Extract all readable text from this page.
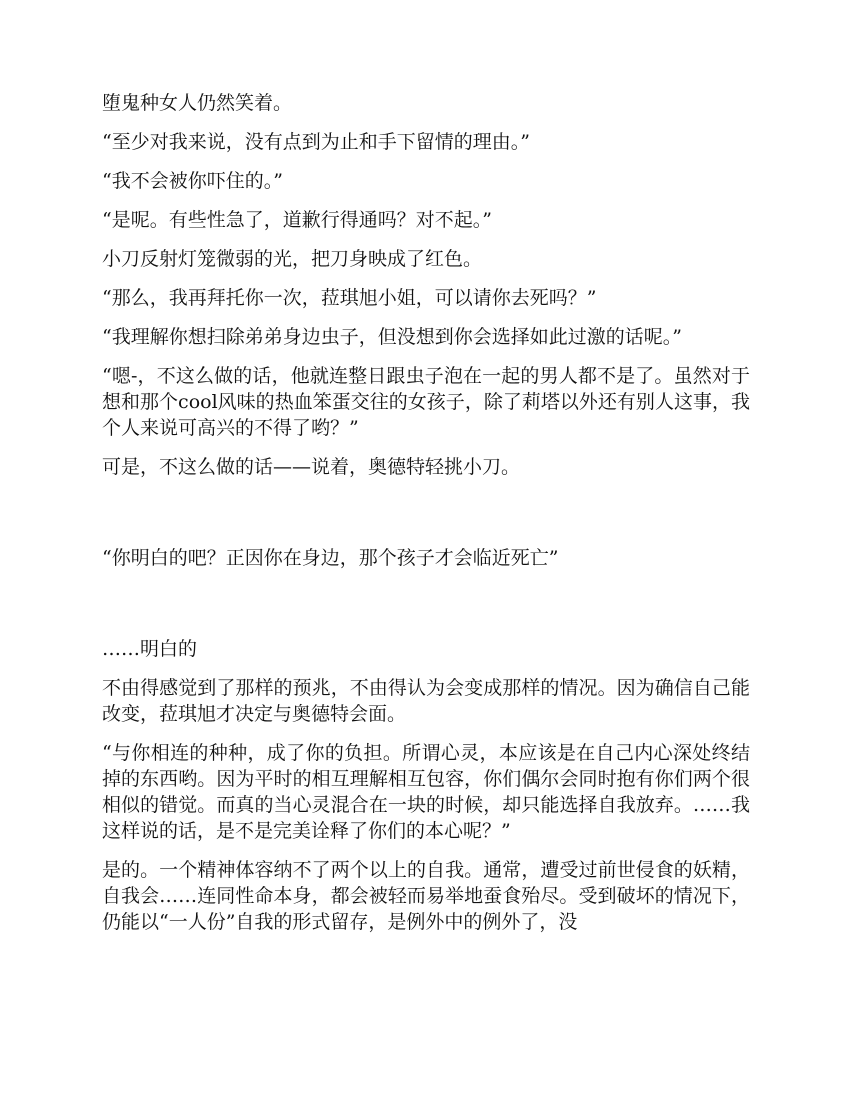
堕鬼种女人仍然笑着。

“至少对我来说，没有点到为止和手下留情的理由。”

“我不会被你吓住的。”

“是呢。有些性急了，道歉行得通吗？对不起。”

小刀反射灯笼微弱的光，把刀身映成了红色。

“那么，我再拜托你一次，菈琪旭小姐，可以请你去死吗？”

“我理解你想扫除弟弟身边虫子，但没想到你会选择如此过激的话呢。”

“嗯-，不这么做的话，他就连整日跟虫子泡在一起的男人都不是了。虽然对于想和那个cool风味的热血笨蛋交往的女孩子，除了莉塔以外还有别人这事，我个人来说可高兴的不得了哟？”

可是，不这么做的话——说着，奥德特轻挑小刀。

“你明白的吧？正因你在身边，那个孩子才会临近死亡”

……明白的

不由得感觉到了那样的预兆，不由得认为会变成那样的情况。因为确信自己能改变，菈琪旭才决定与奥德特会面。

“与你相连的种种，成了你的负担。所谓心灵，本应该是在自己内心深处终结掉的东西哟。因为平时的相互理解相互包容，你们偶尔会同时抱有你们两个很相似的错觉。而真的当心灵混合在一块的时候，却只能选择自我放弃。……我这样说的话，是不是完美诠释了你们的本心呢？”

是的。一个精神体容纳不了两个以上的自我。通常，遭受过前世侵食的妖精，自我会……连同性命本身，都会被轻而易举地蚕食殆尽。受到破坏的情况下，仍能以“一人份”自我的形式留存，是例外中的例外了，没
